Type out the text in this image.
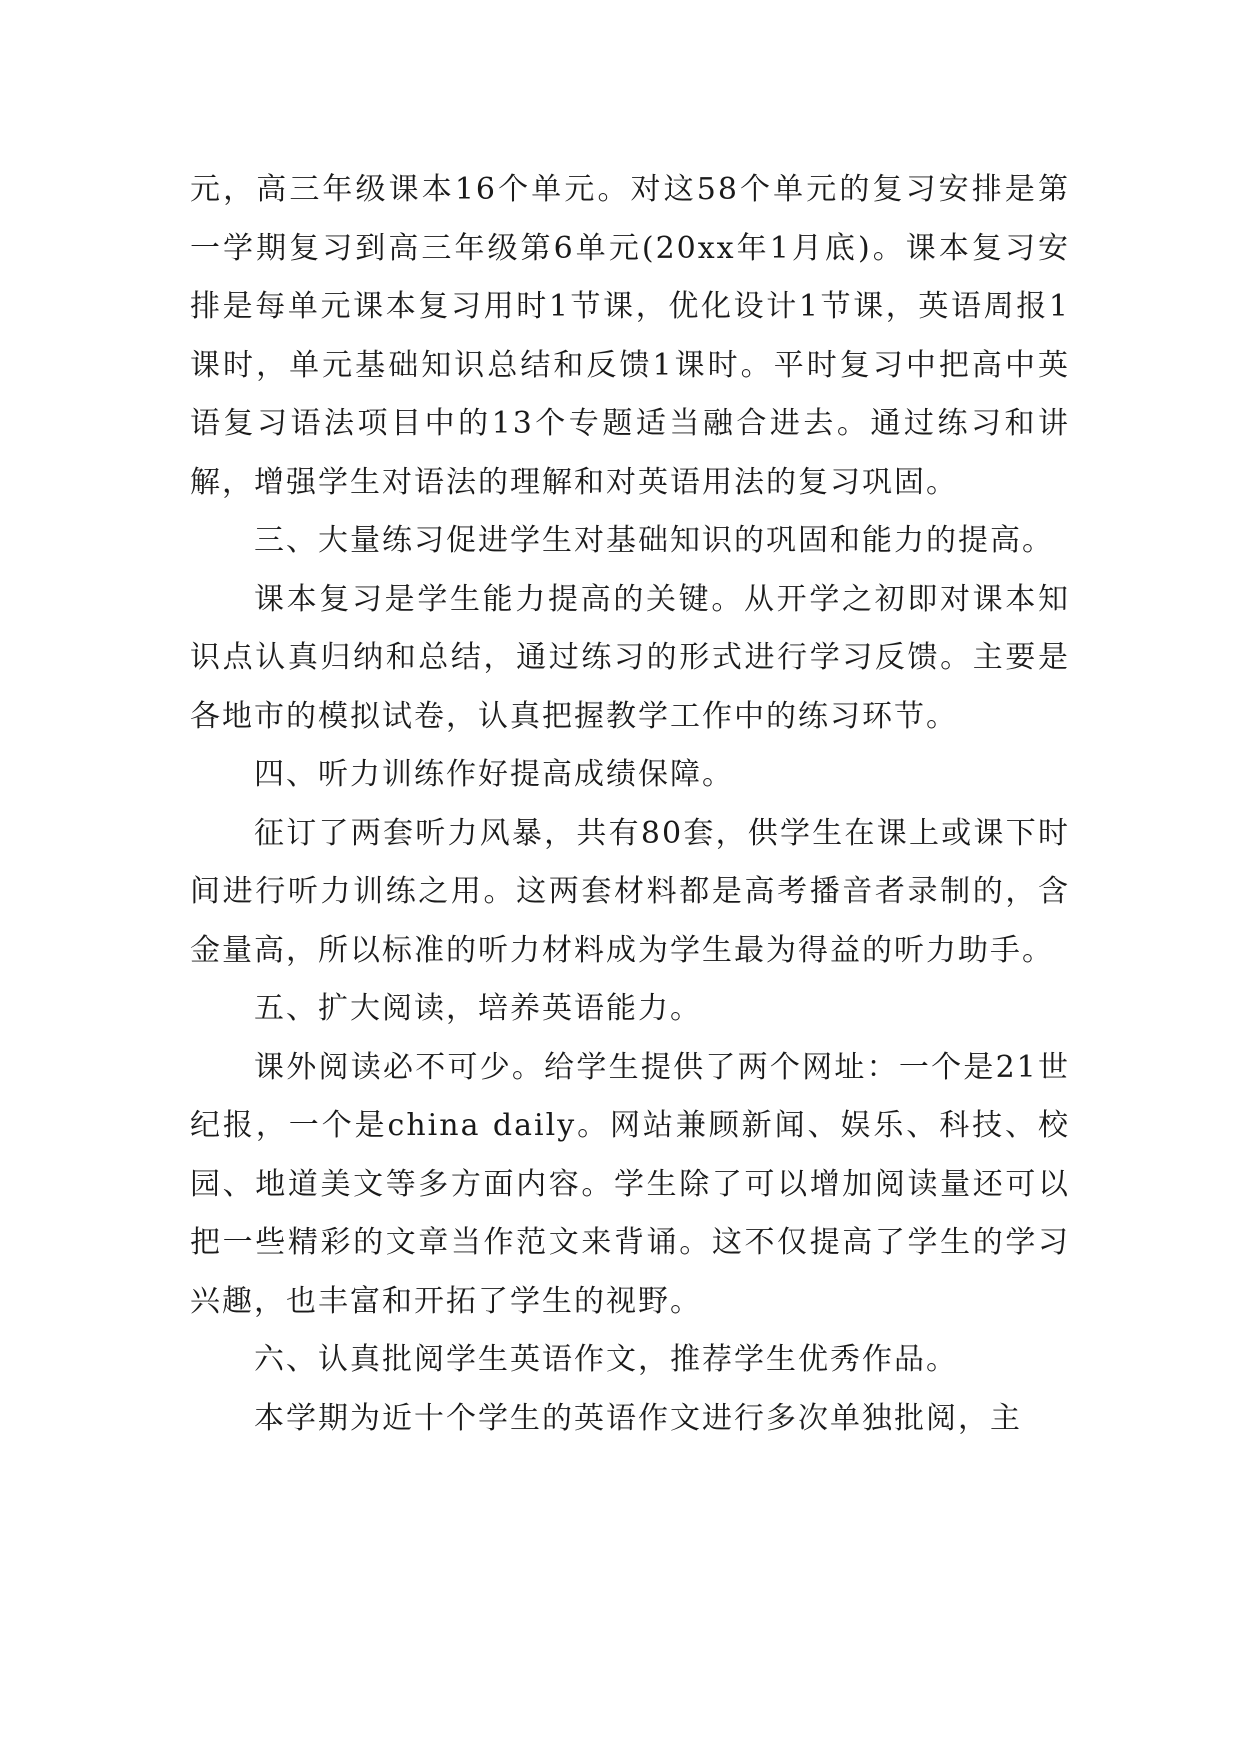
元，高三年级课本16个单元。对这58个单元的复习安排是第一学期复习到高三年级第6单元(20xx年1月底)。课本复习安排是每单元课本复习用时1节课，优化设计1节课，英语周报1课时，单元基础知识总结和反馈1课时。平时复习中把高中英语复习语法项目中的13个专题适当融合进去。通过练习和讲解，增强学生对语法的理解和对英语用法的复习巩固。

三、大量练习促进学生对基础知识的巩固和能力的提高。

课本复习是学生能力提高的关键。从开学之初即对课本知识点认真归纳和总结，通过练习的形式进行学习反馈。主要是各地市的模拟试卷，认真把握教学工作中的练习环节。

四、听力训练作好提高成绩保障。

征订了两套听力风暴，共有80套，供学生在课上或课下时间进行听力训练之用。这两套材料都是高考播音者录制的，含金量高，所以标准的听力材料成为学生最为得益的听力助手。

五、扩大阅读，培养英语能力。

课外阅读必不可少。给学生提供了两个网址：一个是21世纪报，一个是china daily。网站兼顾新闻、娱乐、科技、校园、地道美文等多方面内容。学生除了可以增加阅读量还可以把一些精彩的文章当作范文来背诵。这不仅提高了学生的学习兴趣，也丰富和开拓了学生的视野。

六、认真批阅学生英语作文，推荐学生优秀作品。

本学期为近十个学生的英语作文进行多次单独批阅，主
